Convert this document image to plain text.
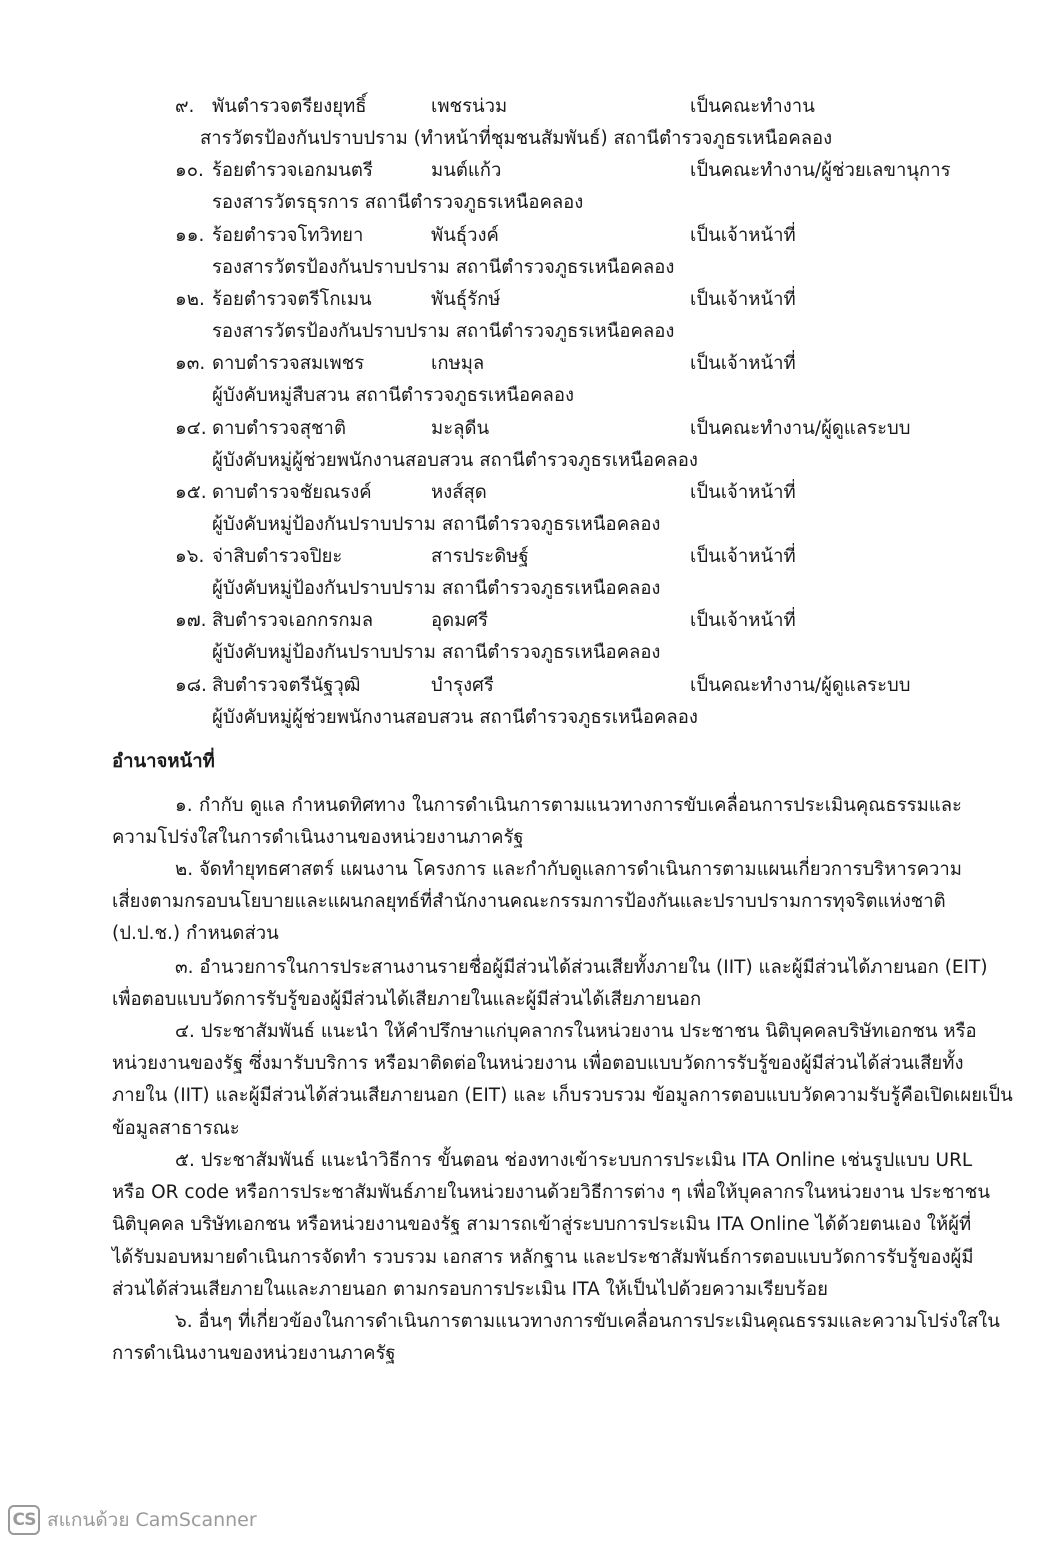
๙. พันตำรวจตรียงยุทธิ์	เพชรน่วม	เป็นคณะทำงาน
สารวัตรป้องกันปราบปราม (ทำหน้าที่ชุมชนสัมพันธ์) สถานีตำรวจภูธรเหนือคลอง
๑๐. ร้อยตำรวจเอกมนตรี	มนต์แก้ว	เป็นคณะทำงาน/ผู้ช่วยเลขานุการ
รองสารวัตรธุรการ สถานีตำรวจภูธรเหนือคลอง
๑๑. ร้อยตำรวจโทวิทยา	พันธุ์วงค์	เป็นเจ้าหน้าที่
รองสารวัตรป้องกันปราบปราม สถานีตำรวจภูธรเหนือคลอง
๑๒. ร้อยตำรวจตรีโกเมน	พันธุ์รักษ์	เป็นเจ้าหน้าที่
รองสารวัตรป้องกันปราบปราม สถานีตำรวจภูธรเหนือคลอง
๑๓. ดาบตำรวจสมเพชร	เกษมุล	เป็นเจ้าหน้าที่
ผู้บังคับหมู่สืบสวน สถานีตำรวจภูธรเหนือคลอง
๑๔. ดาบตำรวจสุชาติ	มะลุดีน	เป็นคณะทำงาน/ผู้ดูแลระบบ
ผู้บังคับหมู่ผู้ช่วยพนักงานสอบสวน สถานีตำรวจภูธรเหนือคลอง
๑๕. ดาบตำรวจชัยณรงค์	หงส์สุด	เป็นเจ้าหน้าที่
ผู้บังคับหมู่ป้องกันปราบปราม สถานีตำรวจภูธรเหนือคลอง
๑๖. จ่าสิบตำรวจปิยะ	สารประดิษฐ์	เป็นเจ้าหน้าที่
ผู้บังคับหมู่ป้องกันปราบปราม สถานีตำรวจภูธรเหนือคลอง
๑๗. สิบตำรวจเอกกรกมล	อุดมศรี	เป็นเจ้าหน้าที่
ผู้บังคับหมู่ป้องกันปราบปราม สถานีตำรวจภูธรเหนือคลอง
๑๘. สิบตำรวจตรีนัฐวุฒิ	บำรุงศรี	เป็นคณะทำงาน/ผู้ดูแลระบบ
ผู้บังคับหมู่ผู้ช่วยพนักงานสอบสวน สถานีตำรวจภูธรเหนือคลอง
อำนาจหน้าที่
๑. กำกับ ดูแล กำหนดทิศทาง ในการดำเนินการตามแนวทางการขับเคลื่อนการประเมินคุณธรรมและ
ความโปร่งใสในการดำเนินงานของหน่วยงานภาครัฐ
๒. จัดทำยุทธศาสตร์ แผนงาน โครงการ และกำกับดูแลการดำเนินการตามแผนเกี่ยวการบริหารความ
เสี่ยงตามกรอบนโยบายและแผนกลยุทธ์ที่สำนักงานคณะกรรมการป้องกันและปราบปรามการทุจริตแห่งชาติ
(ป.ป.ช.) กำหนดส่วน
๓. อำนวยการในการประสานงานรายชื่อผู้มีส่วนได้ส่วนเสียทั้งภายใน (IIT) และผู้มีส่วนได้ภายนอก (EIT)
เพื่อตอบแบบวัดการรับรู้ของผู้มีส่วนได้เสียภายในและผู้มีส่วนได้เสียภายนอก
๔. ประชาสัมพันธ์ แนะนำ ให้คำปรึกษาแก่บุคลากรในหน่วยงาน ประชาชน นิติบุคคลบริษัทเอกชน หรือ
หน่วยงานของรัฐ ซึ่งมารับบริการ หรือมาติดต่อในหน่วยงาน เพื่อตอบแบบวัดการรับรู้ของผู้มีส่วนได้ส่วนเสียทั้ง
ภายใน (IIT) และผู้มีส่วนได้ส่วนเสียภายนอก (EIT) และ เก็บรวบรวม ข้อมูลการตอบแบบวัดความรับรู้คือเปิดเผยเป็น
ข้อมูลสาธารณะ
๕. ประชาสัมพันธ์ แนะนำวิธีการ ขั้นตอน ช่องทางเข้าระบบการประเมิน ITA Online เช่นรูปแบบ URL
หรือ OR code หรือการประชาสัมพันธ์ภายในหน่วยงานด้วยวิธีการต่าง ๆ เพื่อให้บุคลากรในหน่วยงาน ประชาชน
นิติบุคคล บริษัทเอกชน หรือหน่วยงานของรัฐ สามารถเข้าสู่ระบบการประเมิน ITA Online ได้ด้วยตนเอง ให้ผู้ที่
ได้รับมอบหมายดำเนินการจัดทำ รวบรวม เอกสาร หลักฐาน และประชาสัมพันธ์การตอบแบบวัดการรับรู้ของผู้มี
ส่วนได้ส่วนเสียภายในและภายนอก ตามกรอบการประเมิน ITA ให้เป็นไปด้วยความเรียบร้อย
๖. อื่นๆ ที่เกี่ยวข้องในการดำเนินการตามแนวทางการขับเคลื่อนการประเมินคุณธรรมและความโปร่งใสใน
การดำเนินงานของหน่วยงานภาครัฐ
CS สแกนด้วย CamScanner
